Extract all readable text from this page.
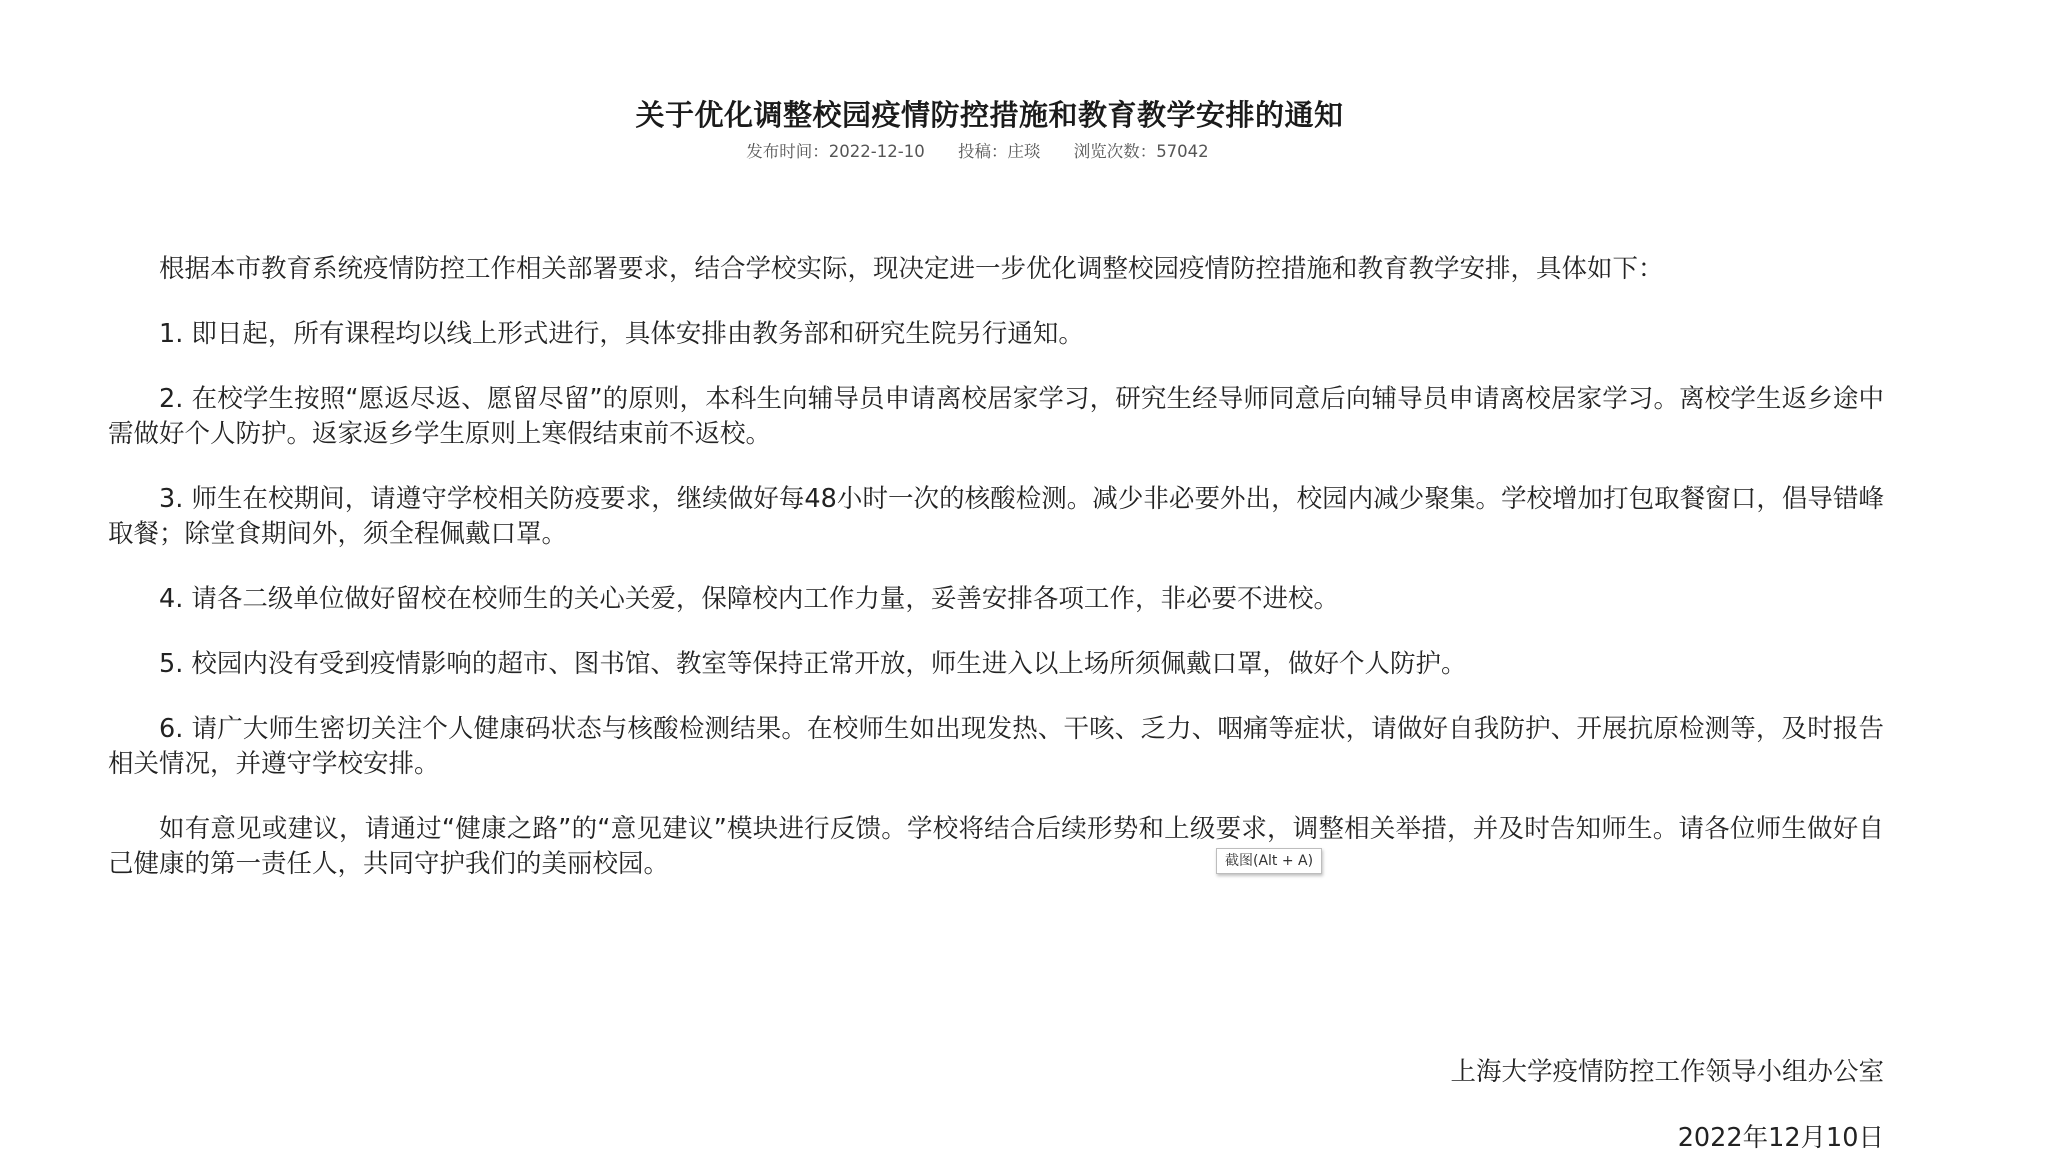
关于优化调整校园疫情防控措施和教育教学安排的通知
发布时间：2022-12-10 投稿：庄琰 浏览次数：57042

根据本市教育系统疫情防控工作相关部署要求，结合学校实际，现决定进一步优化调整校园疫情防控措施和教育教学安排，具体如下：

1. 即日起，所有课程均以线上形式进行，具体安排由教务部和研究生院另行通知。

2. 在校学生按照“愿返尽返、愿留尽留”的原则，本科生向辅导员申请离校居家学习，研究生经导师同意后向辅导员申请离校居家学习。离校学生返乡途中需做好个人防护。返家返乡学生原则上寒假结束前不返校。

3. 师生在校期间，请遵守学校相关防疫要求，继续做好每48小时一次的核酸检测。减少非必要外出，校园内减少聚集。学校增加打包取餐窗口，倡导错峰取餐；除堂食期间外，须全程佩戴口罩。

4. 请各二级单位做好留校在校师生的关心关爱，保障校内工作力量，妥善安排各项工作，非必要不进校。

5. 校园内没有受到疫情影响的超市、图书馆、教室等保持正常开放，师生进入以上场所须佩戴口罩，做好个人防护。

6. 请广大师生密切关注个人健康码状态与核酸检测结果。在校师生如出现发热、干咳、乏力、咽痛等症状，请做好自我防护、开展抗原检测等，及时报告相关情况，并遵守学校安排。

如有意见或建议，请通过“健康之路”的“意见建议”模块进行反馈。学校将结合后续形势和上级要求，调整相关举措，并及时告知师生。请各位师生做好自己健康的第一责任人，共同守护我们的美丽校园。	截图(Alt + A)
上海大学疫情防控工作领导小组办公室
2022年12月10日
